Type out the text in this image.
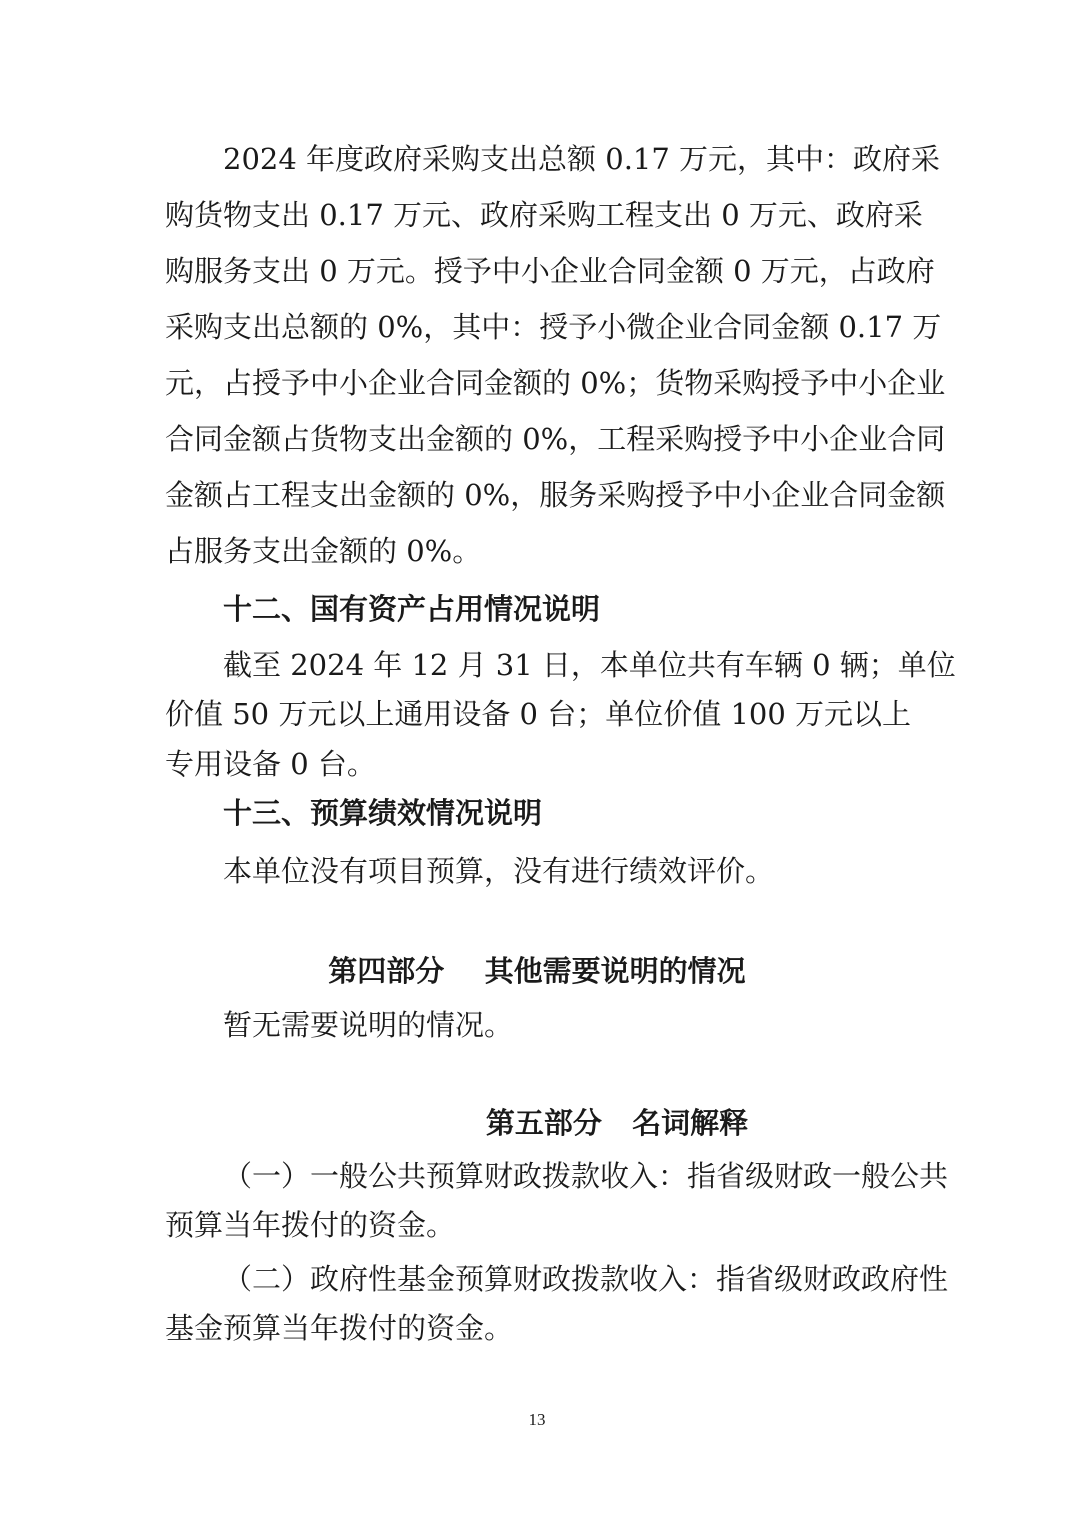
2024 年度政府采购支出总额 0.17 万元，其中：政府采
购货物支出 0.17 万元、政府采购工程支出 0 万元、政府采
购服务支出 0 万元。授予中小企业合同金额 0 万元，占政府
采购支出总额的 0%，其中：授予小微企业合同金额 0.17 万
元，占授予中小企业合同金额的 0%；货物采购授予中小企业
合同金额占货物支出金额的 0%，工程采购授予中小企业合同
金额占工程支出金额的 0%，服务采购授予中小企业合同金额
占服务支出金额的 0%。
十二、国有资产占用情况说明
截至 2024 年 12 月 31 日，本单位共有车辆 0 辆；单位
价值 50 万元以上通用设备 0 台；单位价值 100 万元以上
专用设备 0 台。
十三、预算绩效情况说明
本单位没有项目预算，没有进行绩效评价。
第四部分    其他需要说明的情况
暂无需要说明的情况。
第五部分   名词解释
（一）一般公共预算财政拨款收入：指省级财政一般公共
预算当年拨付的资金。
（二）政府性基金预算财政拨款收入：指省级财政政府性
基金预算当年拨付的资金。
13
